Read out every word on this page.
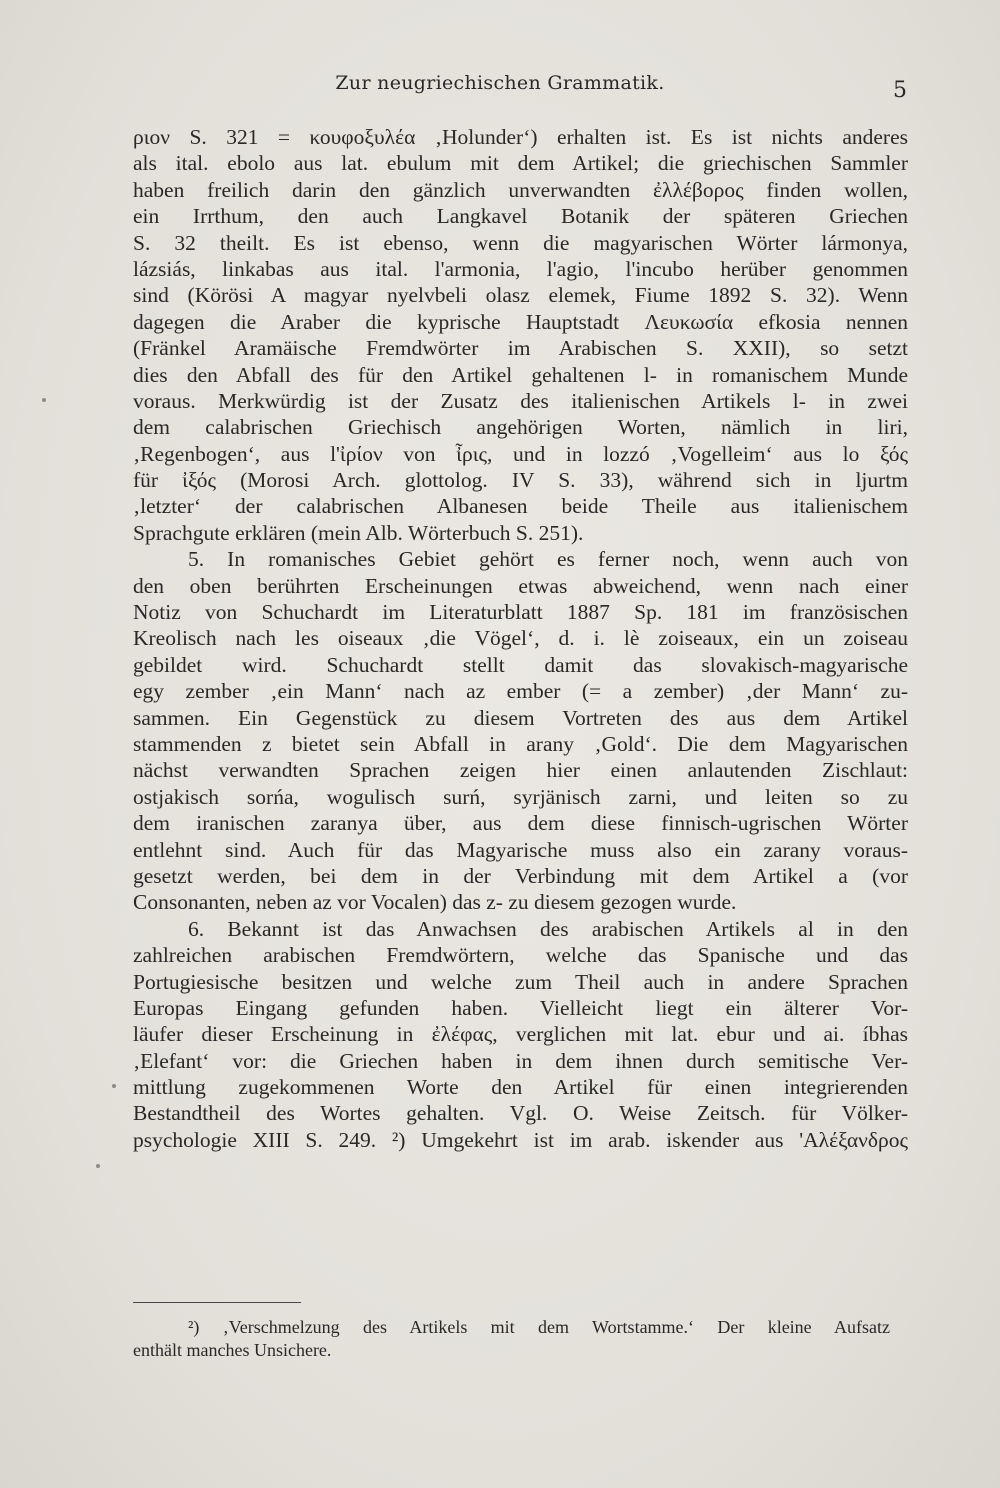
Zur neugriechischen Grammatik.	5
ριον S. 321 = κουφοξυλέα ‚Holunder‘) erhalten ist. Es ist nichts anderes
als ital. ebolo aus lat. ebulum mit dem Artikel; die griechischen Sammler
haben freilich darin den gänzlich unverwandten ἐλλέβορος finden wollen,
ein Irrthum, den auch Langkavel Botanik der späteren Griechen
S. 32 theilt. Es ist ebenso, wenn die magyarischen Wörter lármonya,
lázsiás, linkabas aus ital. l'armonia, l'agio, l'incubo herüber genommen
sind (Körösi A magyar nyelvbeli olasz elemek, Fiume 1892 S. 32). Wenn
dagegen die Araber die kyprische Hauptstadt Λευκωσία efkosia nennen
(Fränkel Aramäische Fremdwörter im Arabischen S. XXII), so setzt
dies den Abfall des für den Artikel gehaltenen l- in romanischem Munde
voraus. Merkwürdig ist der Zusatz des italienischen Artikels l- in zwei
dem calabrischen Griechisch angehörigen Worten, nämlich in liri,
‚Regenbogen‘, aus l'ἰρίον von ἶρις, und in lozzó ‚Vogelleim‘ aus lo ξός
für ἰξός (Morosi Arch. glottolog. IV S. 33), während sich in ljurtm
‚letzter‘ der calabrischen Albanesen beide Theile aus italienischem
Sprachgute erklären (mein Alb. Wörterbuch S. 251).
5. In romanisches Gebiet gehört es ferner noch, wenn auch von
den oben berührten Erscheinungen etwas abweichend, wenn nach einer
Notiz von Schuchardt im Literaturblatt 1887 Sp. 181 im französischen
Kreolisch nach les oiseaux ‚die Vögel‘, d. i. lè zoiseaux, ein un zoiseau
gebildet wird. Schuchardt stellt damit das slovakisch-magyarische
egy zember ‚ein Mann‘ nach az ember (= a zember) ‚der Mann‘ zu-
sammen. Ein Gegenstück zu diesem Vortreten des aus dem Artikel
stammenden z bietet sein Abfall in arany ‚Gold‘. Die dem Magyarischen
nächst verwandten Sprachen zeigen hier einen anlautenden Zischlaut:
ostjakisch sorńa, wogulisch surń, syrjänisch zarni, und leiten so zu
dem iranischen zaranya über, aus dem diese finnisch-ugrischen Wörter
entlehnt sind. Auch für das Magyarische muss also ein zarany voraus-
gesetzt werden, bei dem in der Verbindung mit dem Artikel a (vor
Consonanten, neben az vor Vocalen) das z- zu diesem gezogen wurde.
6. Bekannt ist das Anwachsen des arabischen Artikels al in den
zahlreichen arabischen Fremdwörtern, welche das Spanische und das
Portugiesische besitzen und welche zum Theil auch in andere Sprachen
Europas Eingang gefunden haben. Vielleicht liegt ein älterer Vor-
läufer dieser Erscheinung in ἐλέφας, verglichen mit lat. ebur und ai. íbhas
‚Elefant‘ vor: die Griechen haben in dem ihnen durch semitische Ver-
mittlung zugekommenen Worte den Artikel für einen integrierenden
Bestandtheil des Wortes gehalten. Vgl. O. Weise Zeitsch. für Völker-
psychologie XIII S. 249. ²) Umgekehrt ist im arab. iskender aus 'Αλέξανδρος
²) ‚Verschmelzung des Artikels mit dem Wortstamme.‘ Der kleine Aufsatz
enthält manches Unsichere.
